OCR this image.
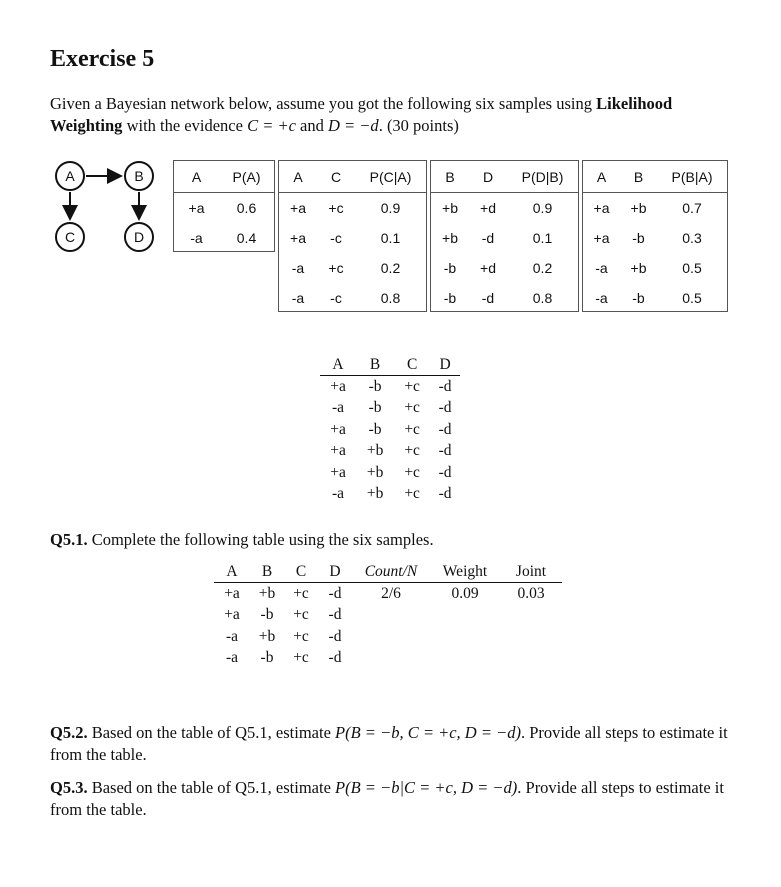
Exercise 5
Given a Bayesian network below, assume you got the following six samples using Likelihood Weighting with the evidence C = +c and D = −d. (30 points)
A	B
C	D
A	P(A)
+a	0.6
-a	0.4
A	C	P(C|A)
+a	+c	0.9
+a	-c	0.1
-a	+c	0.2
-a	-c	0.8
B	D	P(D|B)
+b	+d	0.9
+b	-d	0.1
-b	+d	0.2
-b	-d	0.8
A	B	P(B|A)
+a	+b	0.7
+a	-b	0.3
-a	+b	0.5
-a	-b	0.5
A	B	C	D
+a	-b	+c	-d
-a	-b	+c	-d
+a	-b	+c	-d
+a	+b	+c	-d
+a	+b	+c	-d
-a	+b	+c	-d
Q5.1. Complete the following table using the six samples.
A	B	C	D	Count/N	Weight	Joint
+a	+b	+c	-d	2/6	0.09	0.03
+a	-b	+c	-d			
-a	+b	+c	-d			
-a	-b	+c	-d			
Q5.2. Based on the table of Q5.1, estimate P(B = −b, C = +c, D = −d). Provide all steps to estimate it from the table.
Q5.3. Based on the table of Q5.1, estimate P(B = −b|C = +c, D = −d). Provide all steps to estimate it from the table.
